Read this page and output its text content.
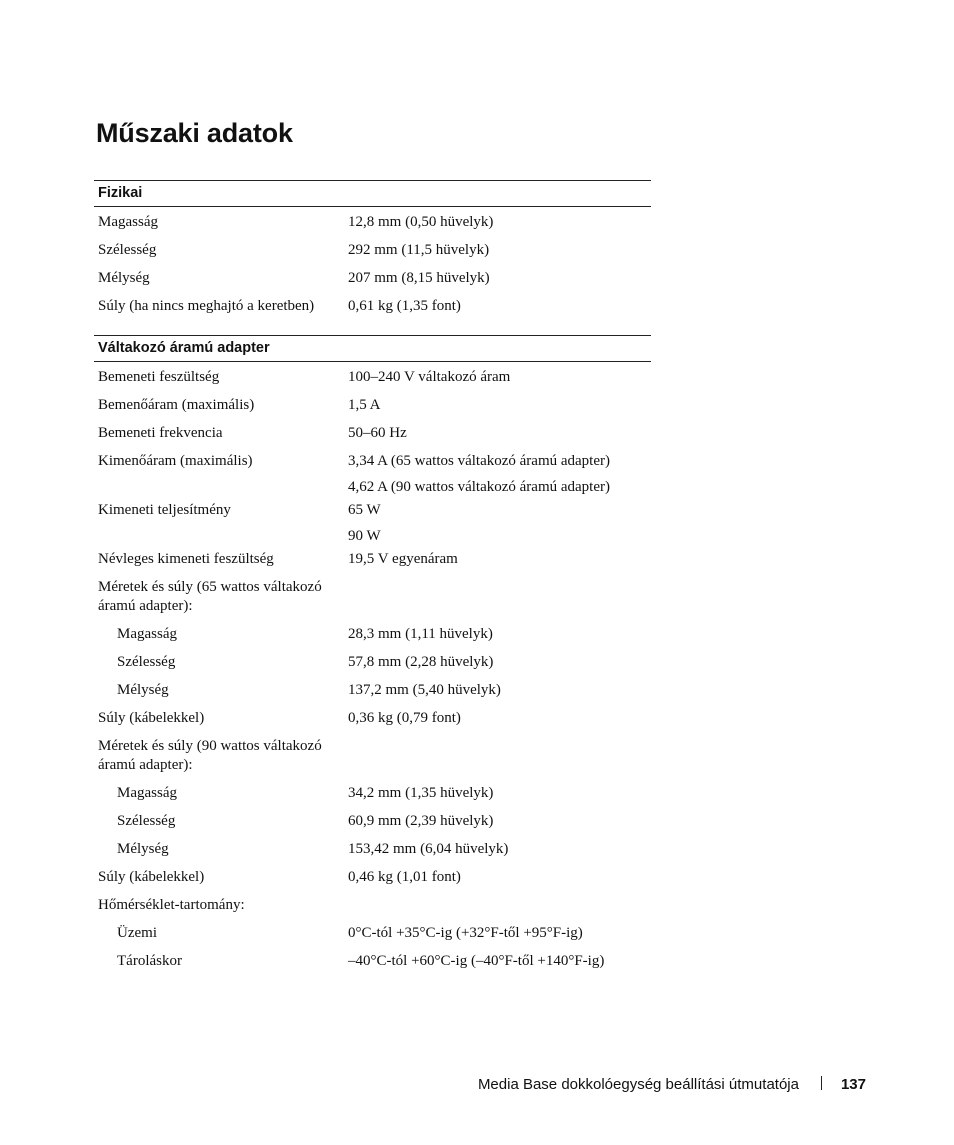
Műszaki adatok
Fizikai
Magasság	12,8 mm (0,50 hüvelyk)
Szélesség	292 mm (11,5 hüvelyk)
Mélység	207 mm (8,15 hüvelyk)
Súly (ha nincs meghajtó a keretben)	0,61 kg (1,35 font)
Váltakozó áramú adapter
Bemeneti feszültség	100–240 V váltakozó áram
Bemenőáram (maximális)	1,5 A
Bemeneti frekvencia	50–60 Hz
Kimenőáram (maximális)	3,34 A (65 wattos váltakozó áramú adapter)
4,62 A (90 wattos váltakozó áramú adapter)
Kimeneti teljesítmény	65 W
90 W
Névleges kimeneti feszültség	19,5 V egyenáram
Méretek és súly (65 wattos váltakozó áramú adapter):
Magasság	28,3 mm (1,11 hüvelyk)
Szélesség	57,8 mm (2,28 hüvelyk)
Mélység	137,2 mm (5,40 hüvelyk)
Súly (kábelekkel)	0,36 kg (0,79 font)
Méretek és súly (90 wattos váltakozó áramú adapter):
Magasság	34,2 mm (1,35 hüvelyk)
Szélesség	60,9 mm (2,39 hüvelyk)
Mélység	153,42 mm (6,04 hüvelyk)
Súly (kábelekkel)	0,46 kg (1,01 font)
Hőmérséklet-tartomány:
Üzemi	0°C-tól +35°C-ig (+32°F-től +95°F-ig)
Tároláskor	–40°C-tól +60°C-ig (–40°F-től +140°F-ig)
Media Base dokkolóegység beállítási útmutatója	137
